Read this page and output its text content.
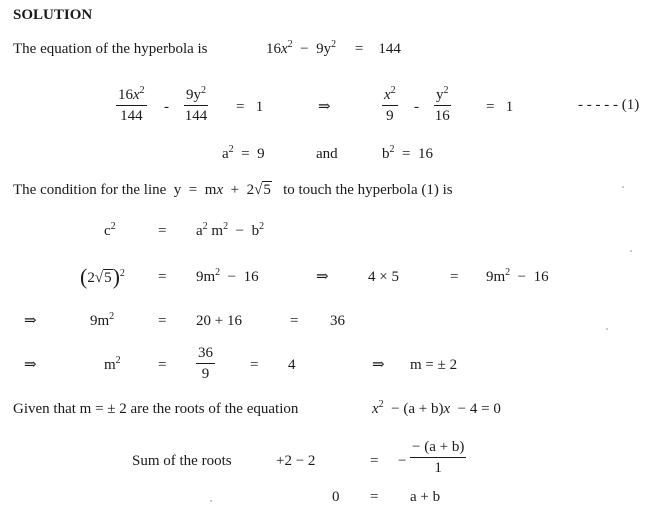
SOLUTION
The equation of the hyperbola is	$16x^2 - 9y^2 = 144$
$16x^2$
144
-
$9y^2$
144
=   1	⇒
$x^2$
9
-
$y^2$
16
=   1	- - - - - (1)
$a^2 = 9$	and	$b^2 = 16$
The condition for the line  y  =  mx  +  2√5 to touch the hyperbola (1) is
$c^2$	= $a^2$ $m^2 - b^2$
$(2√5)^2 = 9m^2 - 16$	⇒	4 × 5	= $9m^2 - 16$
⇒	$9m^2$	= 20 + 16	= 36
⇒	$m^2$ =
36
9
= 4	⇒ m = ± 2
Given that m = ± 2 are the roots of the equation	$x^2 - (a + b)x - 4 = 0$
Sum of the roots	+2 − 2	= −
− (a + b)
1
0 = a + b
